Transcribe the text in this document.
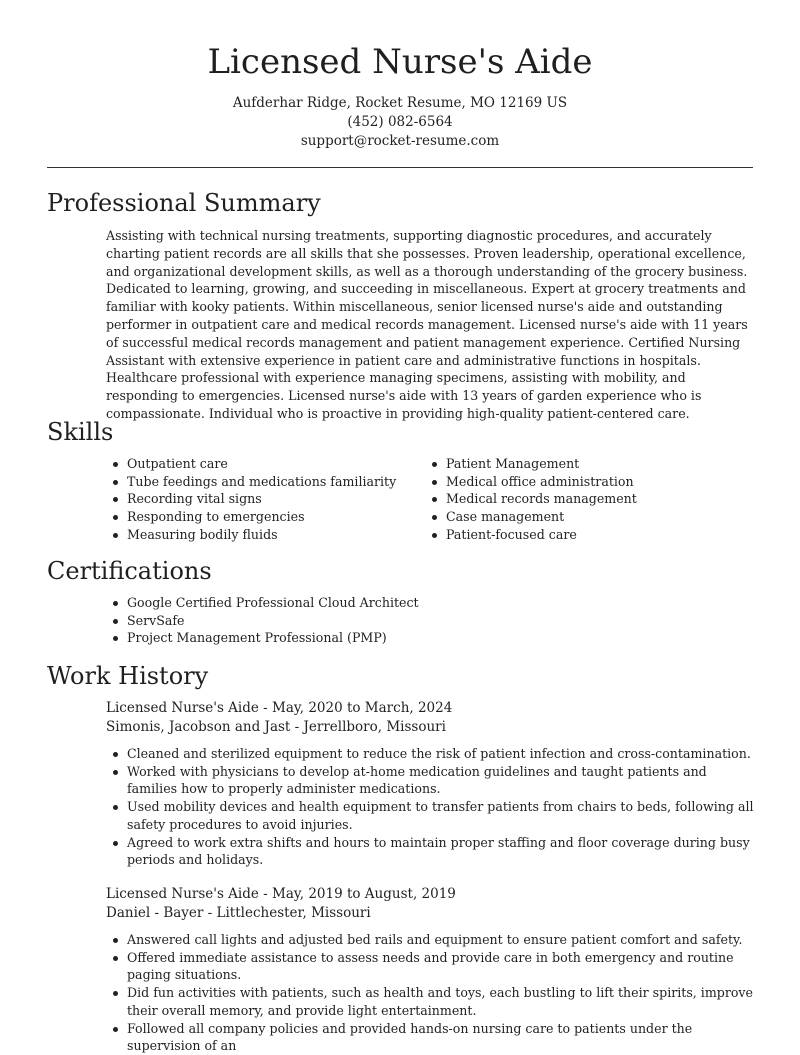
Licensed Nurse's Aide
Aufderhar Ridge, Rocket Resume, MO 12169 US
(452) 082-6564
support@rocket-resume.com
Professional Summary
Assisting with technical nursing treatments, supporting diagnostic procedures, and accurately charting patient records are all skills that she possesses. Proven leadership, operational excellence, and organizational development skills, as well as a thorough understanding of the grocery business. Dedicated to learning, growing, and succeeding in miscellaneous. Expert at grocery treatments and familiar with kooky patients. Within miscellaneous, senior licensed nurse's aide and outstanding performer in outpatient care and medical records management. Licensed nurse's aide with 11 years of successful medical records management and patient management experience. Certified Nursing Assistant with extensive experience in patient care and administrative functions in hospitals. Healthcare professional with experience managing specimens, assisting with mobility, and responding to emergencies. Licensed nurse's aide with 13 years of garden experience who is compassionate. Individual who is proactive in providing high-quality patient-centered care.
Skills
Outpatient care
Tube feedings and medications familiarity
Recording vital signs
Responding to emergencies
Measuring bodily fluids
Patient Management
Medical office administration
Medical records management
Case management
Patient-focused care
Certifications
Google Certified Professional Cloud Architect
ServSafe
Project Management Professional (PMP)
Work History
Licensed Nurse's Aide - May, 2020 to March, 2024
Simonis, Jacobson and Jast - Jerrellboro, Missouri
Cleaned and sterilized equipment to reduce the risk of patient infection and cross-contamination.
Worked with physicians to develop at-home medication guidelines and taught patients and families how to properly administer medications.
Used mobility devices and health equipment to transfer patients from chairs to beds, following all safety procedures to avoid injuries.
Agreed to work extra shifts and hours to maintain proper staffing and floor coverage during busy periods and holidays.
Licensed Nurse's Aide - May, 2019 to August, 2019
Daniel - Bayer - Littlechester, Missouri
Answered call lights and adjusted bed rails and equipment to ensure patient comfort and safety.
Offered immediate assistance to assess needs and provide care in both emergency and routine paging situations.
Did fun activities with patients, such as health and toys, each bustling to lift their spirits, improve their overall memory, and provide light entertainment.
Followed all company policies and provided hands-on nursing care to patients under the supervision of an
